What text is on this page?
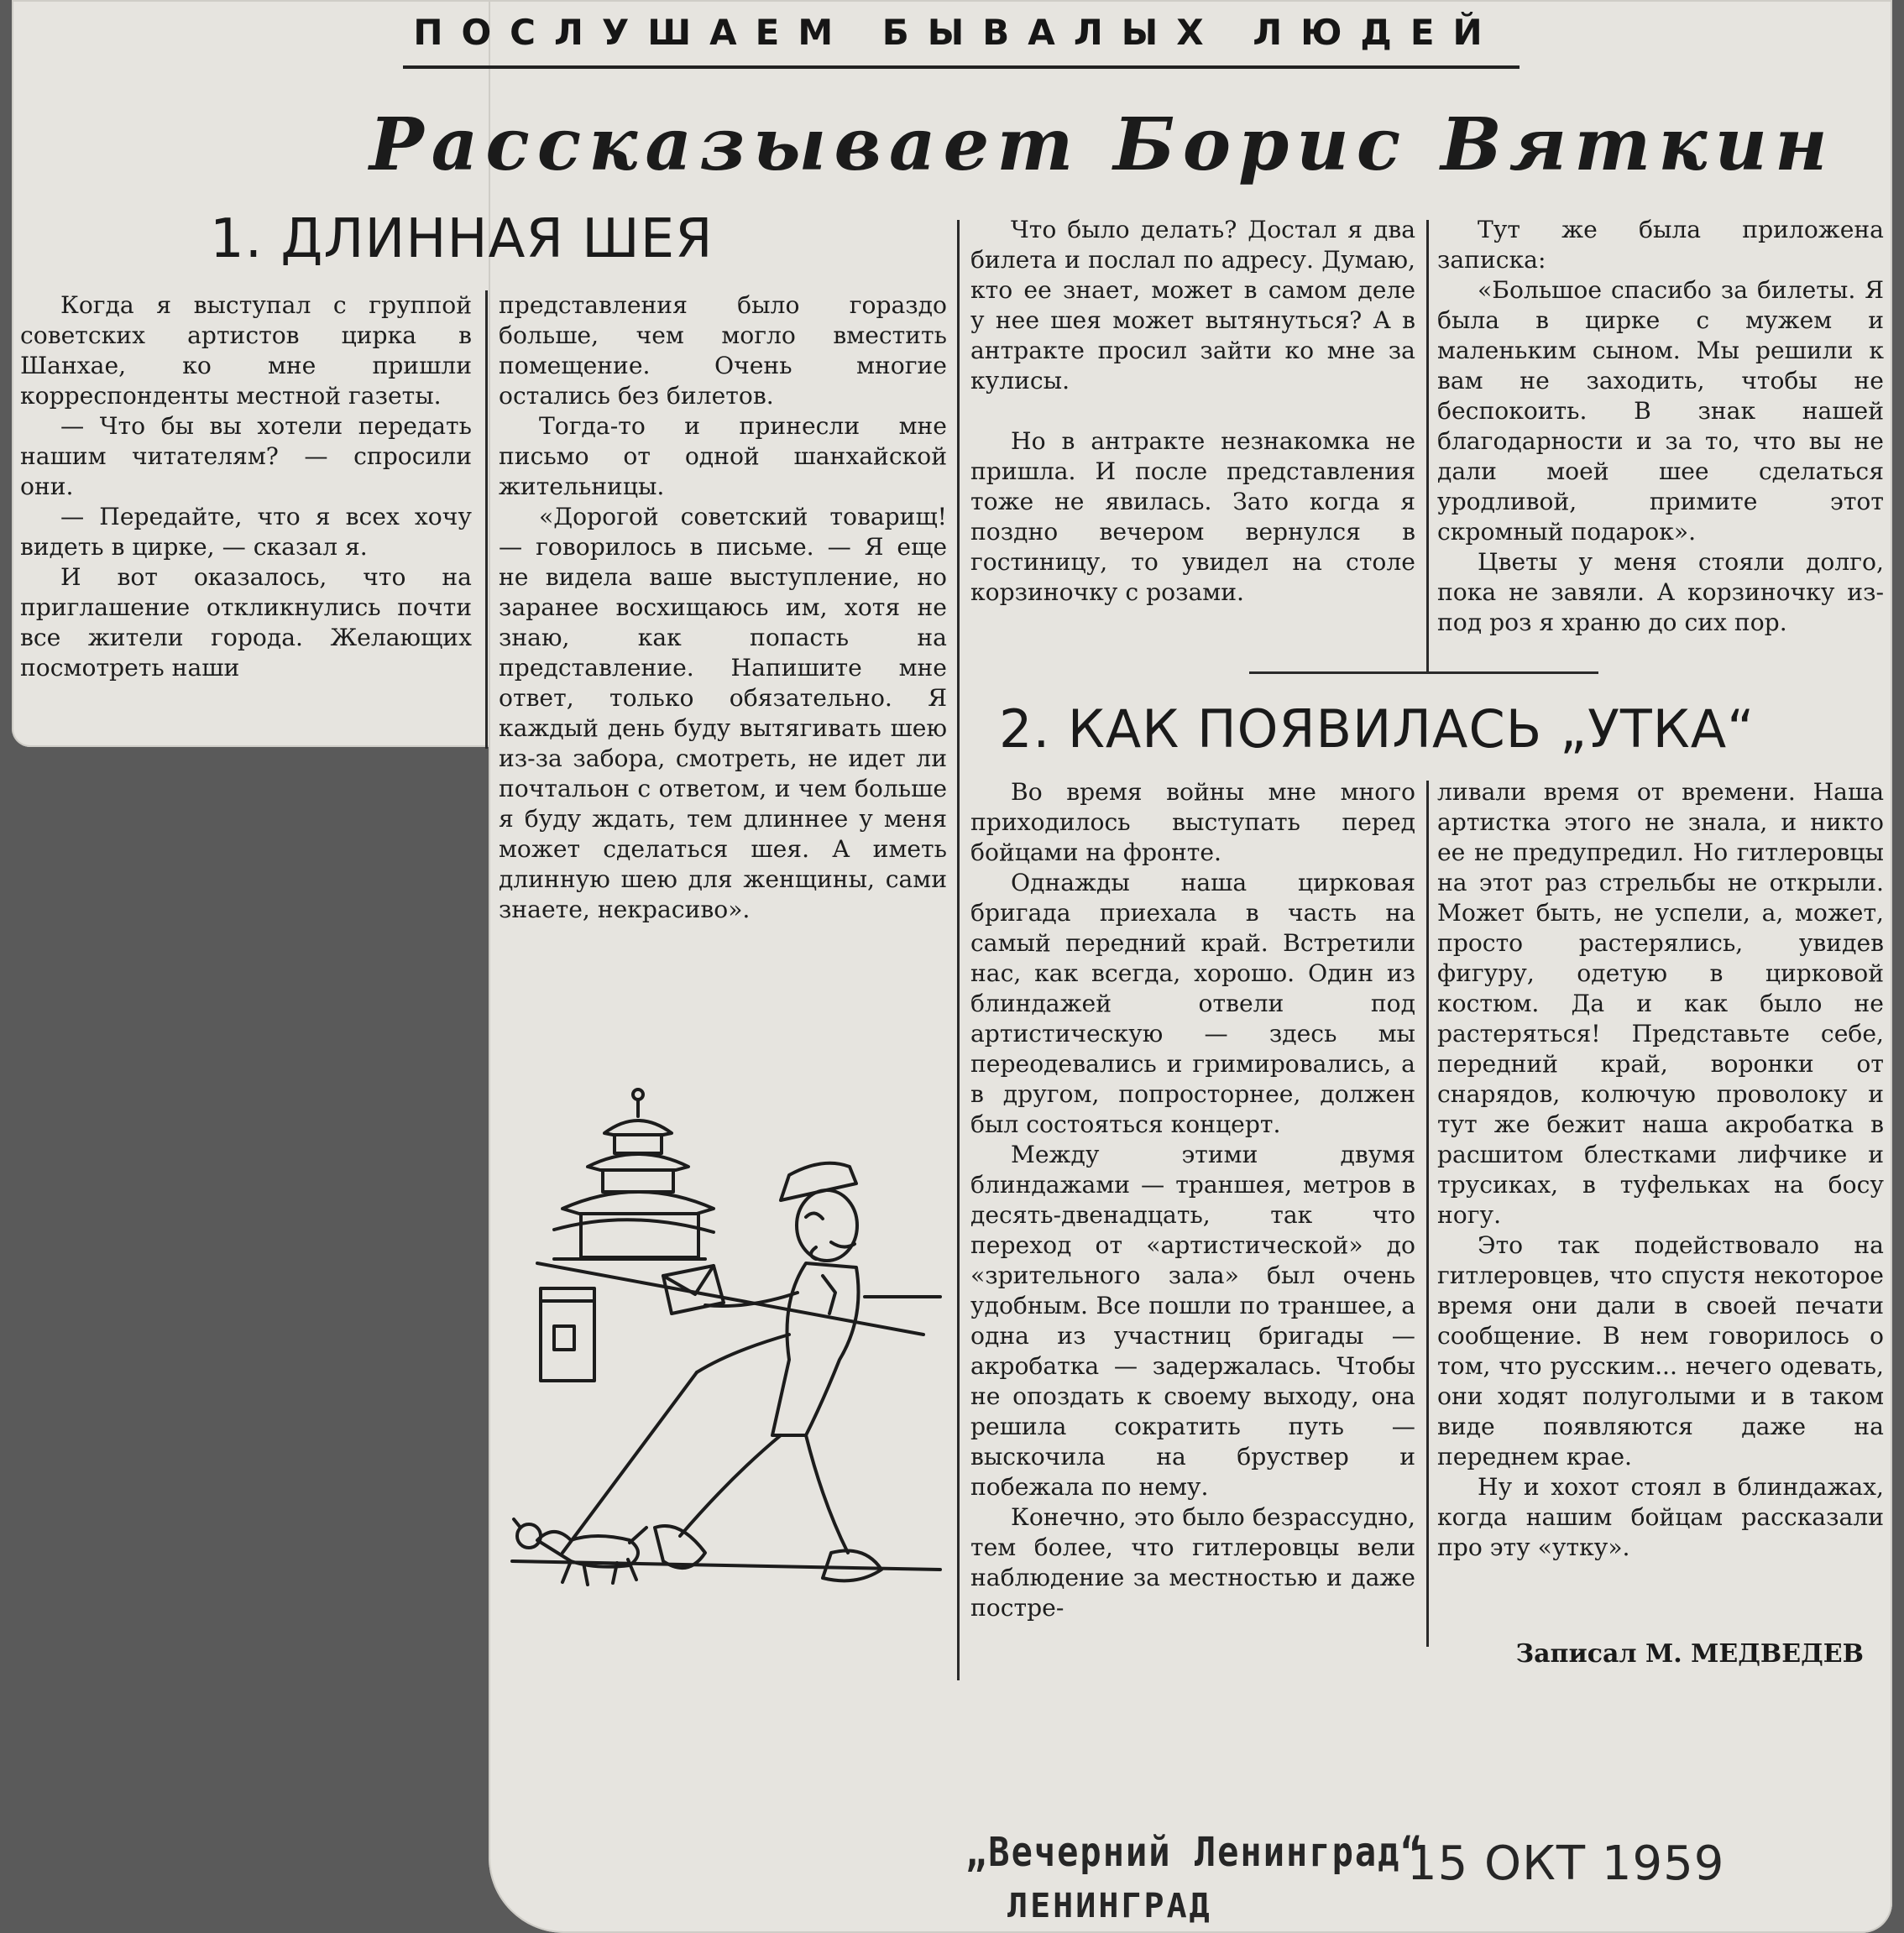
ПОСЛУШАЕМ БЫВАЛЫХ ЛЮДЕЙ
Рассказывает Борис Вяткин
1. ДЛИННАЯ ШЕЯ

Когда я выступал с группой советских артистов цирка в Шанхае, ко мне пришли корреспонденты местной газеты.

— Что бы вы хотели передать нашим читателям? — спросили они.

— Передайте, что я всех хочу видеть в цирке, — сказал я.

И вот оказалось, что на приглашение откликнулись почти все жители города. Желающих посмотреть наши

представления было гораздо больше, чем могло вместить помещение. Очень многие остались без билетов.

Тогда-то и принесли мне письмо от одной шанхайской жительницы.

«Дорогой советский товарищ! — говорилось в письме. — Я еще не видела ваше выступление, но заранее восхищаюсь им, хотя не знаю, как попасть на представление. Напишите мне ответ, только обязательно. Я каждый день буду вытягивать шею из-за забора, смотреть, не идет ли почтальон с ответом, и чем больше я буду ждать, тем длиннее у меня может сделаться шея. А иметь длинную шею для женщины, сами знаете, некрасиво».

Что было делать? Достал я два билета и послал по адресу. Думаю, кто ее знает, может в самом деле у нее шея может вытянуться? А в антракте просил зайти ко мне за кулисы.

Но в антракте незнакомка не пришла. И после представления тоже не явилась. Зато когда я поздно вечером вернулся в гостиницу, то увидел на столе корзиночку с розами.

Тут же была приложена записка:

«Большое спасибо за билеты. Я была в цирке с мужем и маленьким сыном. Мы решили к вам не заходить, чтобы не беспокоить. В знак нашей благодарности и за то, что вы не дали моей шее сделаться уродливой, примите этот скромный подарок».

Цветы у меня стояли долго, пока не завяли. А корзиночку из-под роз я храню до сих пор.

2. КАК ПОЯВИЛАСЬ „УТКА“

Во время войны мне много приходилось выступать перед бойцами на фронте.

Однажды наша цирковая бригада приехала в часть на самый передний край. Встретили нас, как всегда, хорошо. Один из блиндажей отвели под артистическую — здесь мы переодевались и гримировались, а в другом, попросторнее, должен был состояться концерт.

Между этими двумя блиндажами — траншея, метров в десять-двенадцать, так что переход от «артистической» до «зрительного зала» был очень удобным. Все пошли по траншее, а одна из участниц бригады — акробатка — задержалась. Чтобы не опоздать к своему выходу, она решила сократить путь — выскочила на бруствер и побежала по нему.

Конечно, это было безрассудно, тем более, что гитлеровцы вели наблюдение за местностью и даже постре-

ливали время от времени. Наша артистка этого не знала, и никто ее не предупредил. Но гитлеровцы на этот раз стрельбы не открыли. Может быть, не успели, а, может, просто растерялись, увидев фигуру, одетую в цирковой костюм. Да и как было не растеряться! Представьте себе, передний край, воронки от снарядов, колючую проволоку и тут же бежит наша акробатка в расшитом блестками лифчике и трусиках, в туфельках на босу ногу.

Это так подействовало на гитлеровцев, что спустя некоторое время они дали в своей печати сообщение. В нем говорилось о том, что русским... нечего одевать, они ходят полуголыми и в таком виде появляются даже на переднем крае.

Ну и хохот стоял в блиндажах, когда нашим бойцам рассказали про эту «утку».

Записал М. МЕДВЕДЕВ
„Вечерний Ленинград“
ЛЕНИНГРАД
15 ОКТ 1959
